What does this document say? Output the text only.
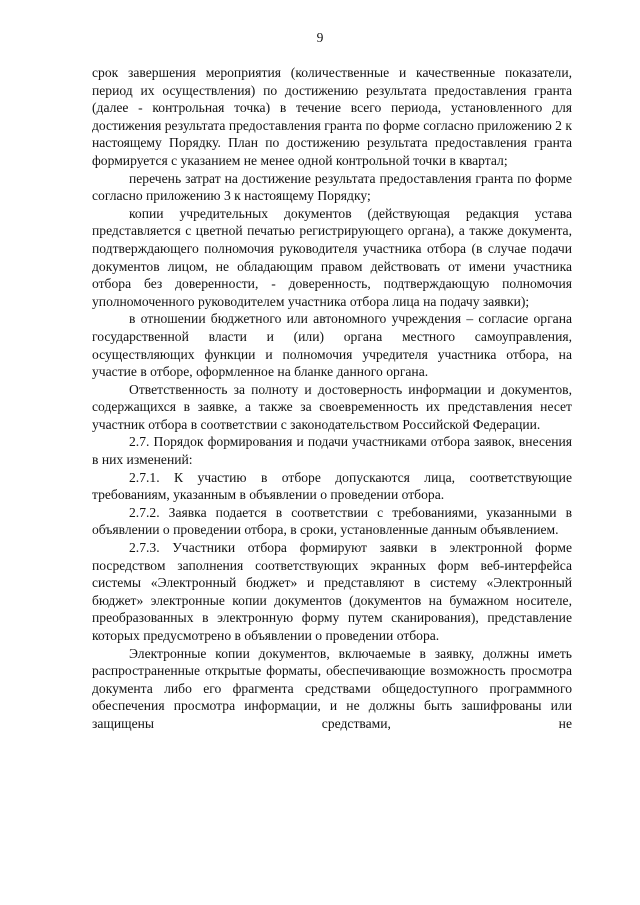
9

срок завершения мероприятия (количественные и качественные показатели, период их осуществления) по достижению результата предоставления гранта (далее - контрольная точка) в течение всего периода, установленного для достижения результата предоставления гранта по форме согласно приложению 2 к настоящему Порядку. План по достижению результата предоставления гранта формируется с указанием не менее одной контрольной точки в квартал;

перечень затрат на достижение результата предоставления гранта по форме согласно приложению 3 к настоящему Порядку;

копии учредительных документов (действующая редакция устава представляется с цветной печатью регистрирующего органа), а также документа, подтверждающего полномочия руководителя участника отбора (в случае подачи документов лицом, не обладающим правом действовать от имени участника отбора без доверенности, - доверенность, подтверждающую полномочия уполномоченного руководителем участника отбора лица на подачу заявки);

в отношении бюджетного или автономного учреждения – согласие органа государственной власти и (или) органа местного самоуправления, осуществляющих функции и полномочия учредителя участника отбора, на участие в отборе, оформленное на бланке данного органа.

Ответственность за полноту и достоверность информации и документов, содержащихся в заявке, а также за своевременность их представления несет участник отбора в соответствии с законодательством Российской Федерации.

2.7. Порядок формирования и подачи участниками отбора заявок, внесения в них изменений:

2.7.1. К участию в отборе допускаются лица, соответствующие требованиям, указанным в объявлении о проведении отбора.

2.7.2. Заявка подается в соответствии с требованиями, указанными в объявлении о проведении отбора, в сроки, установленные данным объявлением.

2.7.3. Участники отбора формируют заявки в электронной форме посредством заполнения соответствующих экранных форм веб-интерфейса системы «Электронный бюджет» и представляют в систему «Электронный бюджет» электронные копии документов (документов на бумажном носителе, преобразованных в электронную форму путем сканирования), представление которых предусмотрено в объявлении о проведении отбора.

Электронные копии документов, включаемые в заявку, должны иметь распространенные открытые форматы, обеспечивающие возможность просмотра документа либо его фрагмента средствами общедоступного программного обеспечения просмотра информации, и не должны быть зашифрованы или защищены средствами, не
